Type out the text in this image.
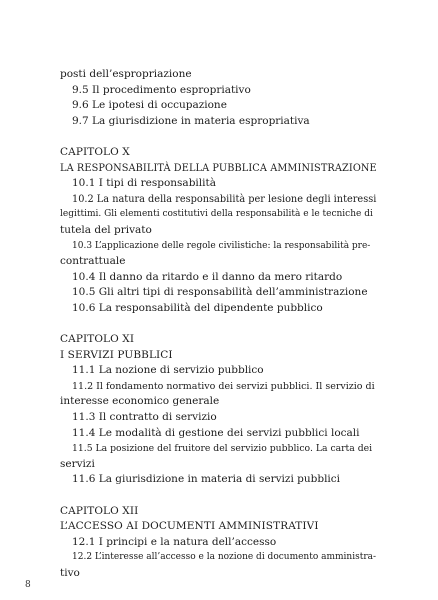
posti dell’espropriazione
9.5 Il procedimento espropriativo
9.6 Le ipotesi di occupazione
9.7 La giurisdizione in materia espropriativa
CAPITOLO X
LA RESPONSABILITÀ DELLA PUBBLICA AMMINISTRAZIONE
10.1 I tipi di responsabilità
10.2 La natura della responsabilità per lesione degli interessi
legittimi. Gli elementi costitutivi della responsabilità e le tecniche di
tutela del privato
10.3 L’applicazione delle regole civilistiche: la responsabilità pre-
contrattuale
10.4 Il danno da ritardo e il danno da mero ritardo
10.5 Gli altri tipi di responsabilità dell’amministrazione
10.6 La responsabilità del dipendente pubblico
CAPITOLO XI
I SERVIZI PUBBLICI
11.1 La nozione di servizio pubblico
11.2 Il fondamento normativo dei servizi pubblici. Il servizio di
interesse economico generale
11.3 Il contratto di servizio
11.4 Le modalità di gestione dei servizi pubblici locali
11.5 La posizione del fruitore del servizio pubblico. La carta dei
servizi
11.6 La giurisdizione in materia di servizi pubblici
CAPITOLO XII
L’ACCESSO AI DOCUMENTI AMMINISTRATIVI
12.1 I principi e la natura dell’accesso
12.2 L’interesse all’accesso e la nozione di documento amministra-
tivo
8
